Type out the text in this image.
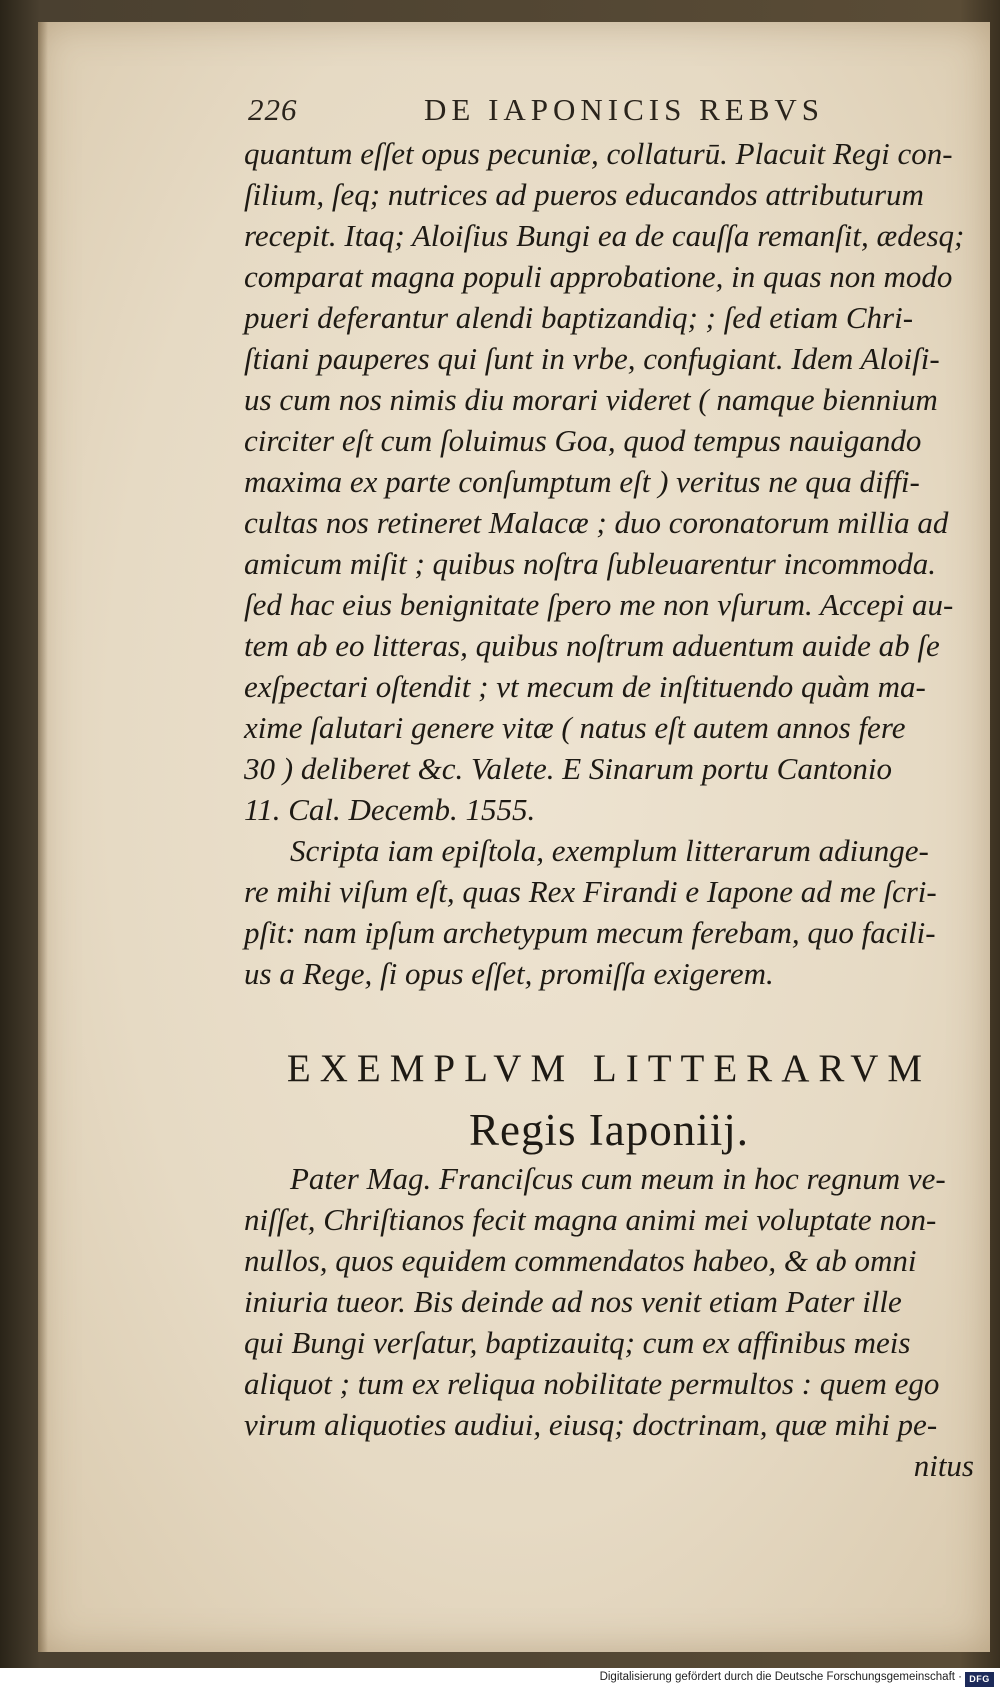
226	DE IAPONICIS REBVS
quantum eſſet opus pecuniæ, collaturū. Placuit Regi con-
ſilium, ſeq; nutrices ad pueros educandos attributurum
recepit. Itaq; Aloiſius Bungi ea de cauſſa remanſit, ædesq;
comparat magna populi approbatione, in quas non modo
pueri deferantur alendi baptizandiq; ; ſed etiam Chri-
ſtiani pauperes qui ſunt in vrbe, confugiant. Idem Aloiſi-
us cum nos nimis diu morari videret ( namque biennium
circiter eſt cum ſoluimus Goa, quod tempus nauigando
maxima ex parte conſumptum eſt ) veritus ne qua diffi-
cultas nos retineret Malacæ ; duo coronatorum millia ad
amicum miſit ; quibus noſtra ſubleuarentur incommoda.
ſed hac eius benignitate ſpero me non vſurum. Accepi au-
tem ab eo litteras, quibus noſtrum aduentum auide ab ſe
exſpectari oſtendit ; vt mecum de inſtituendo quàm ma-
xime ſalutari genere vitæ ( natus eſt autem annos fere
30 ) deliberet &c. Valete. E Sinarum portu Cantonio
11. Cal. Decemb. 1555.
Scripta iam epiſtola, exemplum litterarum adiunge-
re mihi viſum eſt, quas Rex Firandi e Iapone ad me ſcri-
pſit: nam ipſum archetypum mecum ferebam, quo facili-
us a Rege, ſi opus eſſet, promiſſa exigerem.
EXEMPLVM LITTERARVM
Regis Iaponiij.
Pater Mag. Franciſcus cum meum in hoc regnum ve-
niſſet, Chriſtianos fecit magna animi mei voluptate non-
nullos, quos equidem commendatos habeo, & ab omni
iniuria tueor. Bis deinde ad nos venit etiam Pater ille
qui Bungi verſatur, baptizauitq; cum ex affinibus meis
aliquot ; tum ex reliqua nobilitate permultos : quem ego
virum aliquoties audiui, eiusq; doctrinam, quæ mihi pe-
nitus
Digitalisierung gefördert durch die Deutsche Forschungsgemeinschaft · DFG
